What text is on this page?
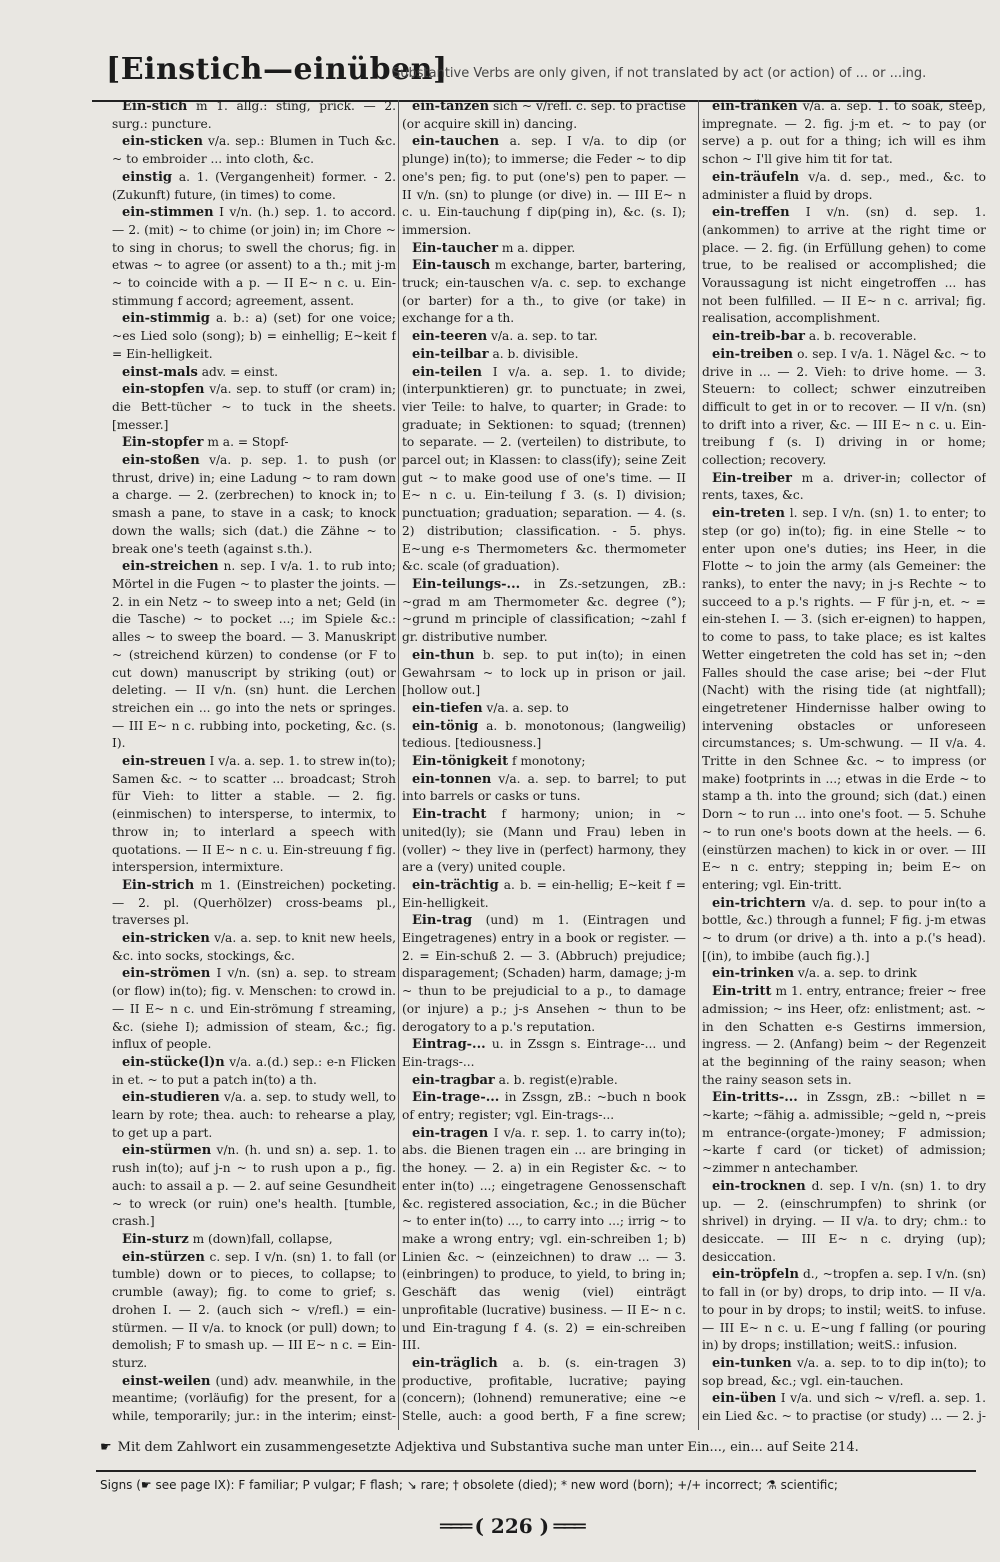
[Einstich—einüben]
Substantive Verbs are only given, if not translated by act (or action) of ... or ...ing.
Ein-stich m 1. allg.: sting, prick. — 2. surg.: puncture.
ein-sticken v/a. sep.: Blumen in Tuch &c. ~ to embroider ... into cloth, &c.
einstig a. 1. (Vergangenheit) former. - 2. (Zukunft) future, (in times) to come.
ein-stimmen I v/n. (h.) sep. 1. to accord. — 2. (mit) ~ to chime (or join) in; im Chore ~ to sing in chorus; to swell the chorus; fig. in etwas ~ to agree (or assent) to a th.; mit j-m ~ to coincide with a p. — II E~ n c. u. Ein-stimmung f accord; agreement, assent.
ein-stimmig a. b.: a) (set) for one voice; ~es Lied solo (song); b) = einhellig; E~keit f = Ein-helligkeit.
einst-mals adv. = einst.
ein-stopfen v/a. sep. to stuff (or cram) in; die Bett-tücher ~ to tuck in the sheets. [messer.]
Ein-stopfer m a. = Stopf-
ein-stoßen v/a. p. sep. 1. to push (or thrust, drive) in; eine Ladung ~ to ram down a charge. — 2. (zerbrechen) to knock in; to smash a pane, to stave in a cask; to knock down the walls; sich (dat.) die Zähne ~ to break one's teeth (against s.th.).
ein-streichen n. sep. I v/a. 1. to rub into; Mörtel in die Fugen ~ to plaster the joints. — 2. in ein Netz ~ to sweep into a net; Geld (in die Tasche) ~ to pocket ...; im Spiele &c.: alles ~ to sweep the board. — 3. Manuskript ~ (streichend kürzen) to condense (or F to cut down) manuscript by striking (out) or deleting. — II v/n. (sn) hunt. die Lerchen streichen ein ... go into the nets or springes. — III E~ n c. rubbing into, pocketing, &c. (s. I).
ein-streuen I v/a. a. sep. 1. to strew in(to); Samen &c. ~ to scatter ... broadcast; Stroh für Vieh: to litter a stable. — 2. fig. (einmischen) to intersperse, to intermix, to throw in; to interlard a speech with quotations. — II E~ n c. u. Ein-streuung f fig. interspersion, intermixture.
Ein-strich m 1. (Einstreichen) pocketing. — 2. pl. (Querhölzer) cross-beams pl., traverses pl.
ein-stricken v/a. a. sep. to knit new heels, &c. into socks, stockings, &c.
ein-strömen I v/n. (sn) a. sep. to stream (or flow) in(to); fig. v. Menschen: to crowd in. — II E~ n c. und Ein-strömung f streaming, &c. (siehe I); admission of steam, &c.; fig. influx of people.
ein-stücke(l)n v/a. a.(d.) sep.: e-n Flicken in et. ~ to put a patch in(to) a th.
ein-studieren v/a. a. sep. to study well, to learn by rote; thea. auch: to rehearse a play, to get up a part.
ein-stürmen v/n. (h. und sn) a. sep. 1. to rush in(to); auf j-n ~ to rush upon a p., fig. auch: to assail a p. — 2. auf seine Gesundheit ~ to wreck (or ruin) one's health. [tumble, crash.]
Ein-sturz m (down)fall, collapse,
ein-stürzen c. sep. I v/n. (sn) 1. to fall (or tumble) down or to pieces, to collapse; to crumble (away); fig. to come to grief; s. drohen I. — 2. (auch sich ~ v/refl.) = ein-stürmen. — II v/a. to knock (or pull) down; to demolish; F to smash up. — III E~ n c. = Ein-sturz.
einst-weilen (und) adv. meanwhile, in the meantime; (vorläufig) for the present, for a while, temporarily; jur.: in the interim; einst-
ein-tanzen sich ~ v/refl. c. sep. to practise (or acquire skill in) dancing.
ein-tauchen a. sep. I v/a. to dip (or plunge) in(to); to immerse; die Feder ~ to dip one's pen; fig. to put (one's) pen to paper. — II v/n. (sn) to plunge (or dive) in. — III E~ n c. u. Ein-tauchung f dip(ping in), &c. (s. I); immersion.
Ein-taucher m a. dipper.
Ein-tausch m exchange, barter, bartering, truck; ein-tauschen v/a. c. sep. to exchange (or barter) for a th., to give (or take) in exchange for a th.
ein-teeren v/a. a. sep. to tar.
ein-teilbar a. b. divisible.
ein-teilen I v/a. a. sep. 1. to divide; (interpunktieren) gr. to punctuate; in zwei, vier Teile: to halve, to quarter; in Grade: to graduate; in Sektionen: to squad; (trennen) to separate. — 2. (verteilen) to distribute, to parcel out; in Klassen: to class(ify); seine Zeit gut ~ to make good use of one's time. — II E~ n c. u. Ein-teilung f 3. (s. I) division; punctuation; graduation; separation. — 4. (s. 2) distribution; classification. - 5. phys. E~ung e-s Thermometers &c. thermometer &c. scale (of graduation).
Ein-teilungs-... in Zs.-setzungen, zB.: ~grad m am Thermometer &c. degree (°); ~grund m principle of classification; ~zahl f gr. distributive number.
ein-thun b. sep. to put in(to); in einen Gewahrsam ~ to lock up in prison or jail. [hollow out.]
ein-tiefen v/a. a. sep. to
ein-tönig a. b. monotonous; (langweilig) tedious. [tediousness.]
Ein-tönigkeit f monotony;
ein-tonnen v/a. a. sep. to barrel; to put into barrels or casks or tuns.
Ein-tracht f harmony; union; in ~ united(ly); sie (Mann und Frau) leben in (voller) ~ they live in (perfect) harmony, they are a (very) united couple.
ein-trächtig a. b. = ein-hellig; E~keit f = Ein-helligkeit.
Ein-trag (und) m 1. (Eintragen und Eingetragenes) entry in a book or register. — 2. = Ein-schuß 2. — 3. (Abbruch) prejudice; disparagement; (Schaden) harm, damage; j-m ~ thun to be prejudicial to a p., to damage (or injure) a p.; j-s Ansehen ~ thun to be derogatory to a p.'s reputation.
Eintrag-... u. in Zssgn s. Eintrage-... und Ein-trags-...
ein-tragbar a. b. regist(e)rable.
Ein-trage-... in Zssgn, zB.: ~buch n book of entry; register; vgl. Ein-trags-...
ein-tragen I v/a. r. sep. 1. to carry in(to); abs. die Bienen tragen ein ... are bringing in the honey. — 2. a) in ein Register &c. ~ to enter in(to) ...; eingetragene Genossenschaft &c. registered association, &c.; in die Bücher ~ to enter in(to) ..., to carry into ...; irrig ~ to make a wrong entry; vgl. ein-schreiben 1; b) Linien &c. ~ (einzeichnen) to draw ... — 3. (einbringen) to produce, to yield, to bring in; Geschäft das wenig (viel) einträgt unprofitable (lucrative) business. — II E~ n c. und Ein-tragung f 4. (s. 2) = ein-schreiben III.
ein-träglich a. b. (s. ein-tragen 3) productive, profitable, lucrative; paying (concern); (lohnend) remunerative; eine ~e Stelle, auch: a good berth, F a fine screw;
ein-tränken v/a. a. sep. 1. to soak, steep, impregnate. — 2. fig. j-m et. ~ to pay (or serve) a p. out for a thing; ich will es ihm schon ~ I'll give him tit for tat.
ein-träufeln v/a. d. sep., med., &c. to administer a fluid by drops.
ein-treffen I v/n. (sn) d. sep. 1. (ankommen) to arrive at the right time or place. — 2. fig. (in Erfüllung gehen) to come true, to be realised or accomplished; die Voraussagung ist nicht eingetroffen ... has not been fulfilled. — II E~ n c. arrival; fig. realisation, accomplishment.
ein-treib-bar a. b. recoverable.
ein-treiben o. sep. I v/a. 1. Nägel &c. ~ to drive in ... — 2. Vieh: to drive home. — 3. Steuern: to collect; schwer einzutreiben difficult to get in or to recover. — II v/n. (sn) to drift into a river, &c. — III E~ n c. u. Ein-treibung f (s. I) driving in or home; collection; recovery.
Ein-treiber m a. driver-in; collector of rents, taxes, &c.
ein-treten l. sep. I v/n. (sn) 1. to enter; to step (or go) in(to); fig. in eine Stelle ~ to enter upon one's duties; ins Heer, in die Flotte ~ to join the army (als Gemeiner: the ranks), to enter the navy; in j-s Rechte ~ to succeed to a p.'s rights. — F für j-n, et. ~ = ein-stehen I. — 3. (sich er-eignen) to happen, to come to pass, to take place; es ist kaltes Wetter eingetreten the cold has set in; ~den Falles should the case arise; bei ~der Flut (Nacht) with the rising tide (at nightfall); eingetretener Hindernisse halber owing to intervening obstacles or unforeseen circumstances; s. Um-schwung. — II v/a. 4. Tritte in den Schnee &c. ~ to impress (or make) footprints in ...; etwas in die Erde ~ to stamp a th. into the ground; sich (dat.) einen Dorn ~ to run ... into one's foot. — 5. Schuhe ~ to run one's boots down at the heels. — 6. (einstürzen machen) to kick in or over. — III E~ n c. entry; stepping in; beim E~ on entering; vgl. Ein-tritt.
ein-trichtern v/a. d. sep. to pour in(to a bottle, &c.) through a funnel; F fig. j-m etwas ~ to drum (or drive) a th. into a p.('s head). [(in), to imbibe (auch fig.).]
ein-trinken v/a. a. sep. to drink
Ein-tritt m 1. entry, entrance; freier ~ free admission; ~ ins Heer, ofz: enlistment; ast. ~ in den Schatten e-s Gestirns immersion, ingress. — 2. (Anfang) beim ~ der Regenzeit at the beginning of the rainy season; when the rainy season sets in.
Ein-tritts-... in Zssgn, zB.: ~billet n = ~karte; ~fähig a. admissible; ~geld n, ~preis m entrance-(orgate-)money; F admission; ~karte f card (or ticket) of admission; ~zimmer n antechamber.
ein-trocknen d. sep. I v/n. (sn) 1. to dry up. — 2. (einschrumpfen) to shrink (or shrivel) in drying. — II v/a. to dry; chm.: to desiccate. — III E~ n c. drying (up); desiccation.
ein-tröpfeln d., ~tropfen a. sep. I v/n. (sn) to fall in (or by) drops, to drip into. — II v/a. to pour in by drops; to instil; weitS. to infuse. — III E~ n c. u. E~ung f falling (or pouring in) by drops; instillation; weitS.: infusion.
ein-tunken v/a. a. sep. to to dip in(to); to sop bread, &c.; vgl. ein-tauchen.
ein-üben I v/a. und sich ~ v/refl. a. sep. 1. ein Lied &c. ~ to practise (or study) ... — 2. j-
☛ Mit dem Zahlwort ein zusammengesetzte Adjektiva und Substantiva suche man unter Ein..., ein... auf Seite 214.
Signs (☛ see page IX): F familiar; P vulgar; F flash; ↘ rare; † obsolete (died); * new word (born); +/+ incorrect; ⚗ scientific;
═══ ( 226 ) ═══
